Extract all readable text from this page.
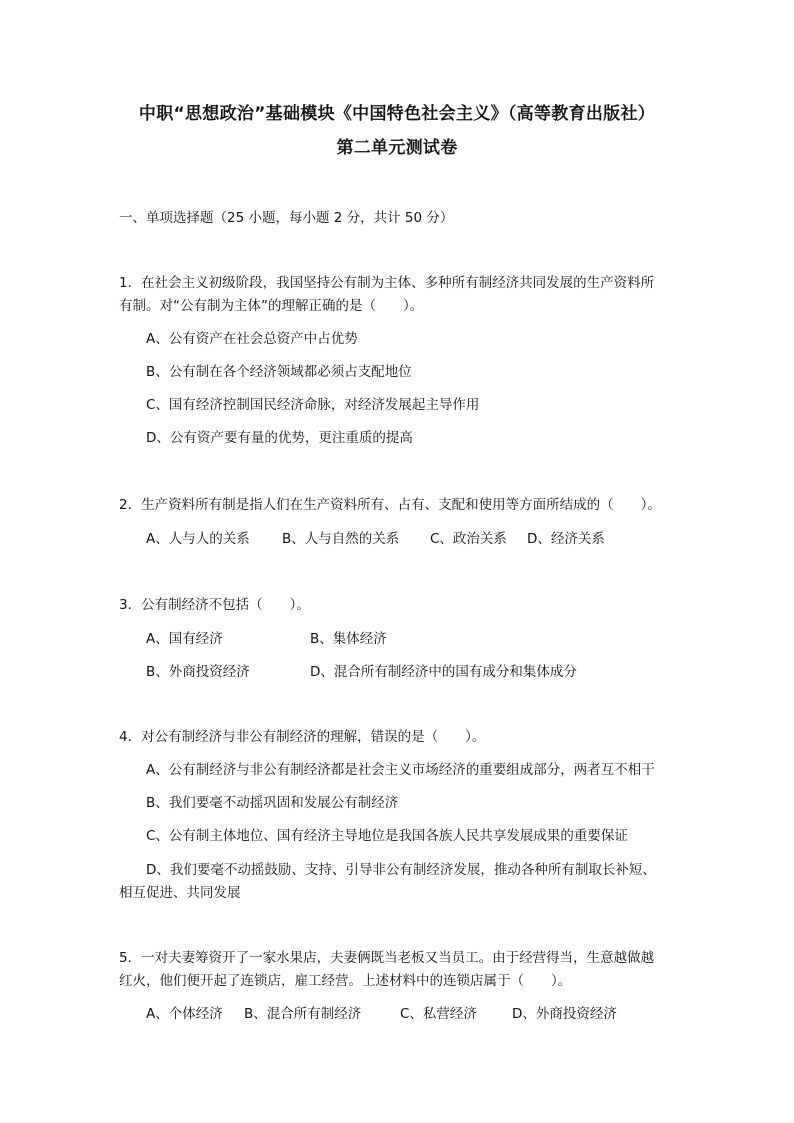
中职“思想政治”基础模块《中国特色社会主义》（高等教育出版社）
第二单元测试卷
一、单项选择题（25 小题，每小题 2 分，共计 50 分）
1．在社会主义初级阶段，我国坚持公有制为主体、多种所有制经济共同发展的生产资料所
有制。对“公有制为主体”的理解正确的是（　　）。
A、公有资产在社会总资产中占优势
B、公有制在各个经济领域都必须占支配地位
C、国有经济控制国民经济命脉，对经济发展起主导作用
D、公有资产要有量的优势，更注重质的提高
2．生产资料所有制是指人们在生产资料所有、占有、支配和使用等方面所结成的（　　）。
A、人与人的关系 B、人与自然的关系 C、政治关系 D、经济关系
3．公有制经济不包括（　　）。
A、国有经济	B、集体经济
B、外商投资经济	D、混合所有制经济中的国有成分和集体成分
4．对公有制经济与非公有制经济的理解，错误的是（　　）。
A、公有制经济与非公有制经济都是社会主义市场经济的重要组成部分，两者互不相干
B、我们要毫不动摇巩固和发展公有制经济
C、公有制主体地位、国有经济主导地位是我国各族人民共享发展成果的重要保证
D、我们要毫不动摇鼓励、支持、引导非公有制经济发展，推动各种所有制取长补短、
相互促进、共同发展
5．一对夫妻筹资开了一家水果店，夫妻俩既当老板又当员工。由于经营得当，生意越做越
红火，他们便开起了连锁店，雇工经营。上述材料中的连锁店属于（　　）。
A、个体经济 B、混合所有制经济	C、私营经济	D、外商投资经济
